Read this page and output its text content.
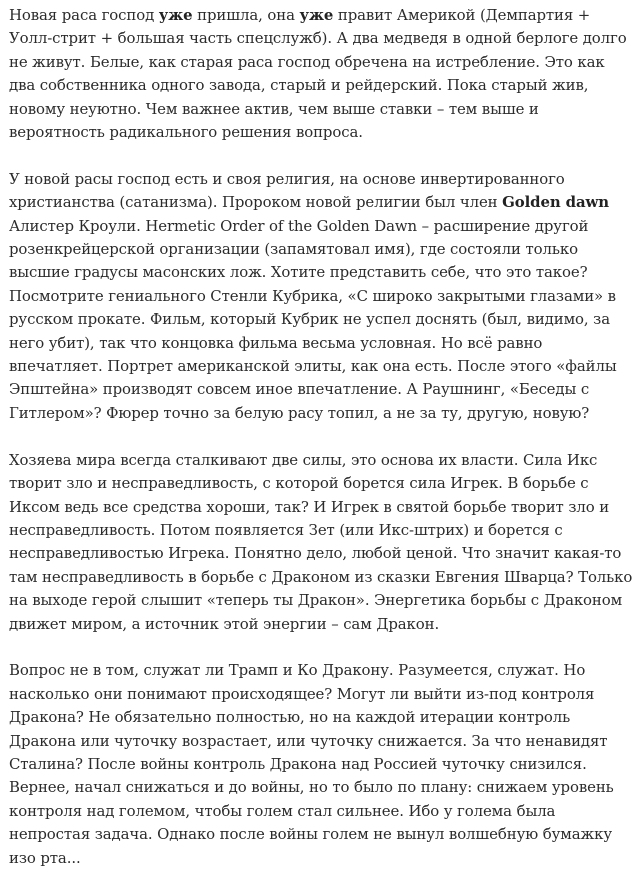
Новая раса господ уже пришла, она уже правит Америкой (Демпартия + Уолл-стрит + большая часть спецслужб). А два медведя в одной берлоге долго не живут. Белые, как старая раса господ обречена на истребление. Это как два собственника одного завода, старый и рейдерский. Пока старый жив, новому неуютно. Чем важнее актив, чем выше ставки – тем выше и вероятность радикального решения вопроса.

У новой расы господ есть и своя религия, на основе инвертированного христианства (сатанизма). Пророком новой религии был член Golden dawn Алистер Кроули. Hermetic Order of the Golden Dawn – расширение другой розенкрейцерской организации (запамятовал имя), где состояли только высшие градусы масонских лож. Хотите представить себе, что это такое? Посмотрите гениального Стенли Кубрика, «С широко закрытыми глазами» в русском прокате. Фильм, который Кубрик не успел доснять (был, видимо, за него убит), так что концовка фильма весьма условная. Но всё равно впечатляет. Портрет американской элиты, как она есть. После этого «файлы Эпштейна» производят совсем иное впечатление. А Раушнинг, «Беседы с Гитлером»? Фюрер точно за белую расу топил, а не за ту, другую, новую?

Хозяева мира всегда сталкивают две силы, это основа их власти. Сила Икс творит зло и несправедливость, с которой борется сила Игрек. В борьбе с Иксом ведь все средства хороши, так? И Игрек в святой борьбе творит зло и несправедливость. Потом появляется Зет (или Икс-штрих) и борется с несправедливостью Игрека. Понятно дело, любой ценой. Что значит какая-то там несправедливость в борьбе с Драконом из сказки Евгения Шварца? Только на выходе герой слышит «теперь ты Дракон». Энергетика борьбы с Драконом движет миром, а источник этой энергии – сам Дракон.

Вопрос не в том, служат ли Трамп и Ко Дракону. Разумеется, служат. Но насколько они понимают происходящее? Могут ли выйти из-под контроля Дракона? Не обязательно полностью, но на каждой итерации контроль Дракона или чуточку возрастает, или чуточку снижается. За что ненавидят Сталина? После войны контроль Дракона над Россией чуточку снизился. Вернее, начал снижаться и до войны, но то было по плану: снижаем уровень контроля над големом, чтобы голем стал сильнее. Ибо у голема была непростая задача. Однако после войны голем не вынул волшебную бумажку изо рта...
